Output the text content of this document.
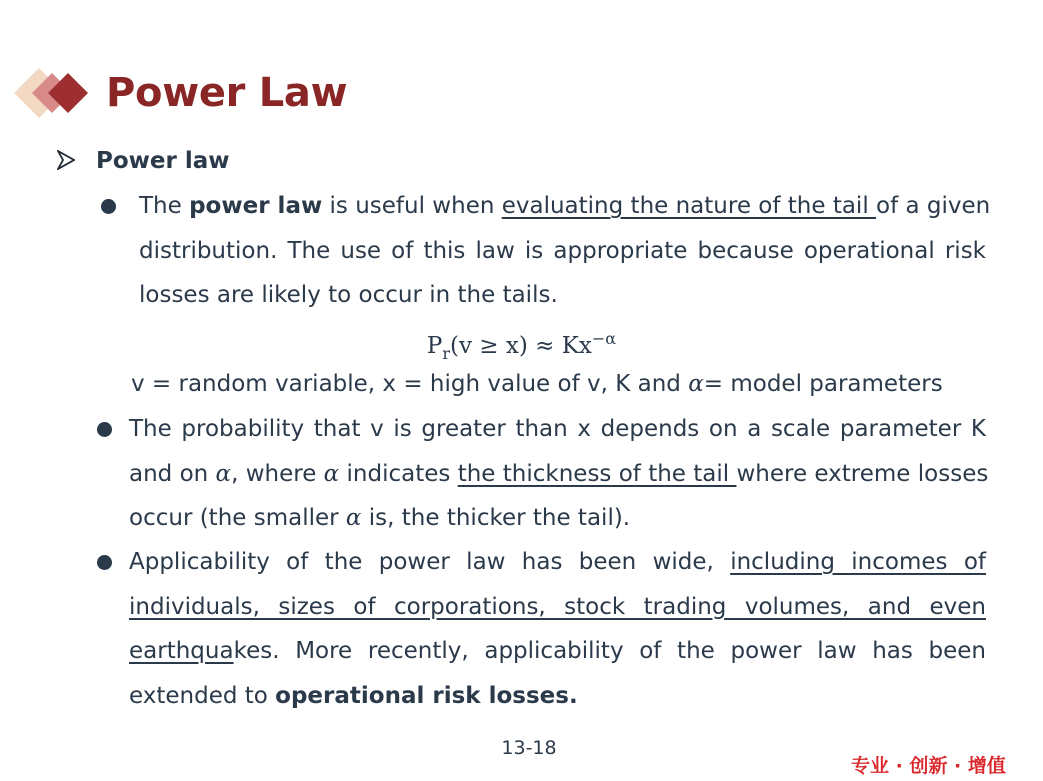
Power Law
Power law
The power law is useful when evaluating the nature of the tail of a given
distribution. The use of this law is appropriate because operational risk
losses are likely to occur in the tails.
$P_r(v \ge x) \approx Kx^{-\alpha}$
v = random variable, x = high value of v, K and α= model parameters
The probability that v is greater than x depends on a scale parameter K
and on α, where α indicates the thickness of the tail where extreme losses
occur (the smaller α is, the thicker the tail).
Applicability of the power law has been wide, including incomes of
individuals, sizes of corporations, stock trading volumes, and even
earthquakes. More recently, applicability of the power law has been
extended to operational risk losses.
13-18
专业 · 创新 · 增值
